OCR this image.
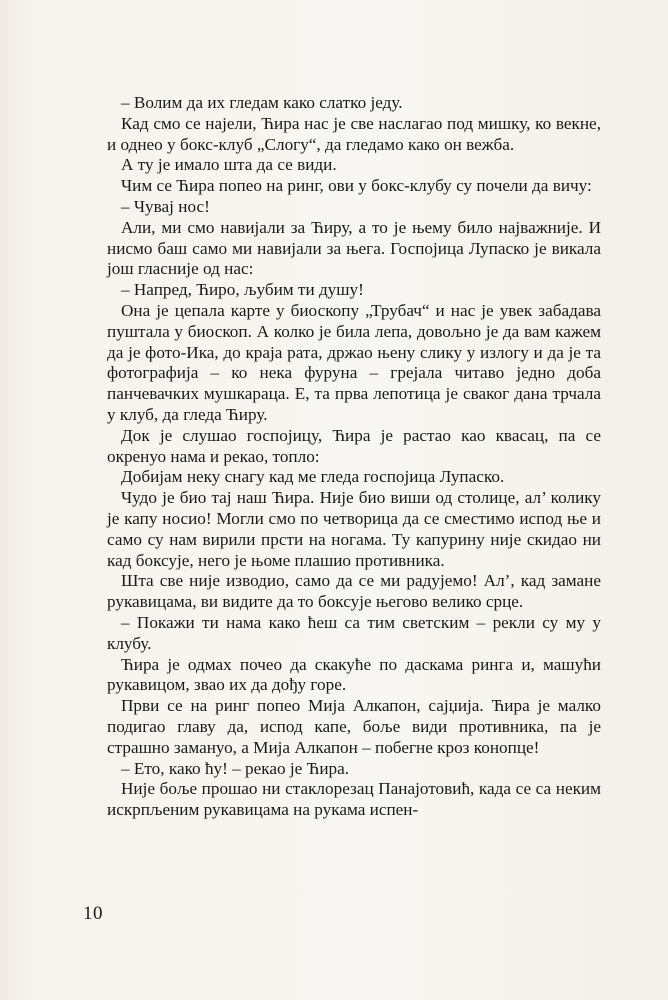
– Волим да их гледам како слатко једу.

Кад смо се најели, Ћира нас је све наслагао под мишку, ко векне, и однео у бокс-клуб „Слогу“, да гледамо како он вежба.

А ту је имало шта да се види.

Чим се Ћира попео на ринг, ови у бокс-клубу су почели да вичу:

– Чувај нос!

Али, ми смо навијали за Ћиру, а то је њему било најважније. И нисмо баш само ми навијали за њега. Госпојица Лупаско је викала још гласније од нас:

– Напред, Ћиро, љубим ти душу!

Она је цепала карте у биоскопу „Трубач“ и нас је увек забадава пуштала у биоскоп. А колко је била лепа, довољно је да вам кажем да је фото-Ика, до краја рата, држао њену слику у излогу и да је та фотографија – ко нека фуруна – грејала читаво једно доба панчевачких мушкараца. Е, та прва лепотица је сваког дана трчала у клуб, да гледа Ћиру.

Док је слушао госпојицу, Ћира је растао као квасац, па се окренуо нама и рекао, топло:

Добијам неку снагу кад ме гледа госпојица Лупаско.

Чудо је био тај наш Ћира. Није био виши од столице, ал’ колику је капу носио! Могли смо по четворица да се сместимо испод ње и само су нам вирили прсти на ногама. Ту капурину није скидао ни кад боксује, него је њоме плашио противника.

Шта све није изводио, само да се ми радујемо! Ал’, кад замане рукавицама, ви видите да то боксује његово велико срце.

– Покажи ти нама како ћеш са тим светским – рекли су му у клубу.

Ћира је одмах почео да скакуће по даскама ринга и, машући рукавицом, звао их да дођу горе.

Први се на ринг попео Мија Алкапон, сајџија. Ћира је малко подигао главу да, испод капе, боље види противника, па је страшно замануо, а Мија Алкапон – побегне кроз конопце!

– Ето, како ћу! – рекао је Ћира.

Није боље прошао ни стаклорезац Панајотовић, када се са неким искрпљеним рукавицама на рукама испен-

10
